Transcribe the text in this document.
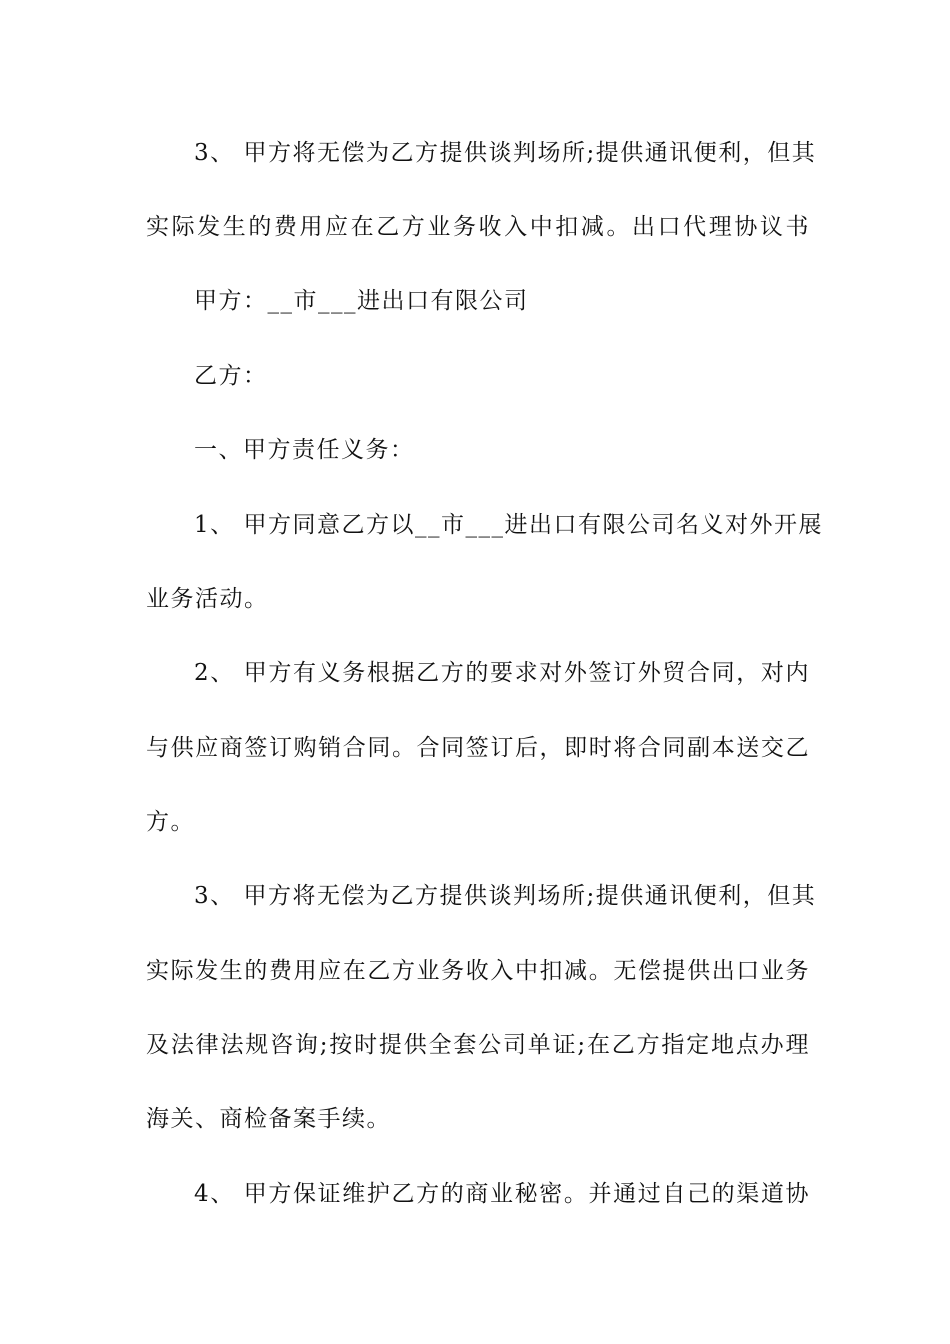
3、 甲方将无偿为乙方提供谈判场所;提供通讯便利，但其
实际发生的费用应在乙方业务收入中扣减。出口代理协议书
甲方：__市___进出口有限公司
乙方：
一、甲方责任义务：
1、 甲方同意乙方以__市___进出口有限公司名义对外开展
业务活动。
2、 甲方有义务根据乙方的要求对外签订外贸合同，对内
与供应商签订购销合同。合同签订后，即时将合同副本送交乙
方。
3、 甲方将无偿为乙方提供谈判场所;提供通讯便利，但其
实际发生的费用应在乙方业务收入中扣减。无偿提供出口业务
及法律法规咨询;按时提供全套公司单证;在乙方指定地点办理
海关、商检备案手续。
4、 甲方保证维护乙方的商业秘密。并通过自己的渠道协
